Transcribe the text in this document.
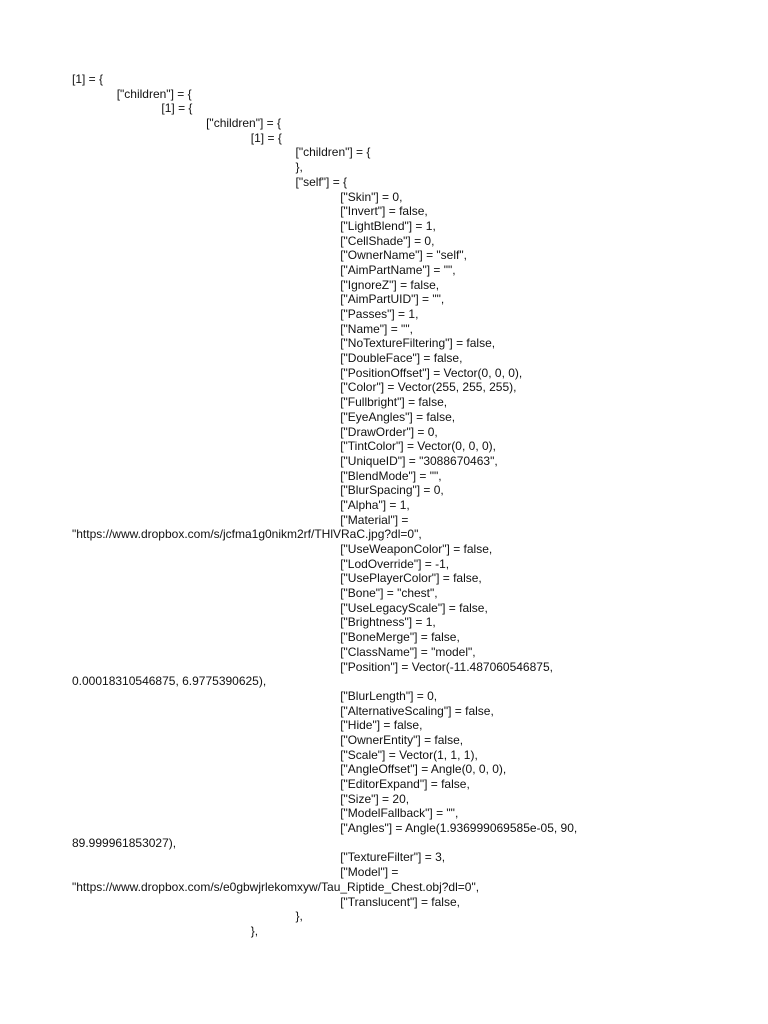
[1] = {
["children"] = {
[1] = {
["children"] = {
[1] = {
["children"] = {
},
["self"] = {
["Skin"] = 0,
["Invert"] = false,
["LightBlend"] = 1,
["CellShade"] = 0,
["OwnerName"] = "self",
["AimPartName"] = "",
["IgnoreZ"] = false,
["AimPartUID"] = "",
["Passes"] = 1,
["Name"] = "",
["NoTextureFiltering"] = false,
["DoubleFace"] = false,
["PositionOffset"] = Vector(0, 0, 0),
["Color"] = Vector(255, 255, 255),
["Fullbright"] = false,
["EyeAngles"] = false,
["DrawOrder"] = 0,
["TintColor"] = Vector(0, 0, 0),
["UniqueID"] = "3088670463",
["BlendMode"] = "",
["BlurSpacing"] = 0,
["Alpha"] = 1,
["Material"] =
"https://www.dropbox.com/s/jcfma1g0nikm2rf/THlVRaC.jpg?dl=0",
["UseWeaponColor"] = false,
["LodOverride"] = -1,
["UsePlayerColor"] = false,
["Bone"] = "chest",
["UseLegacyScale"] = false,
["Brightness"] = 1,
["BoneMerge"] = false,
["ClassName"] = "model",
["Position"] = Vector(-11.487060546875,
0.00018310546875, 6.9775390625),
["BlurLength"] = 0,
["AlternativeScaling"] = false,
["Hide"] = false,
["OwnerEntity"] = false,
["Scale"] = Vector(1, 1, 1),
["AngleOffset"] = Angle(0, 0, 0),
["EditorExpand"] = false,
["Size"] = 20,
["ModelFallback"] = "",
["Angles"] = Angle(1.936999069585e-05, 90,
89.999961853027),
["TextureFilter"] = 3,
["Model"] =
"https://www.dropbox.com/s/e0gbwjrlekomxyw/Tau_Riptide_Chest.obj?dl=0",
["Translucent"] = false,
},
},
